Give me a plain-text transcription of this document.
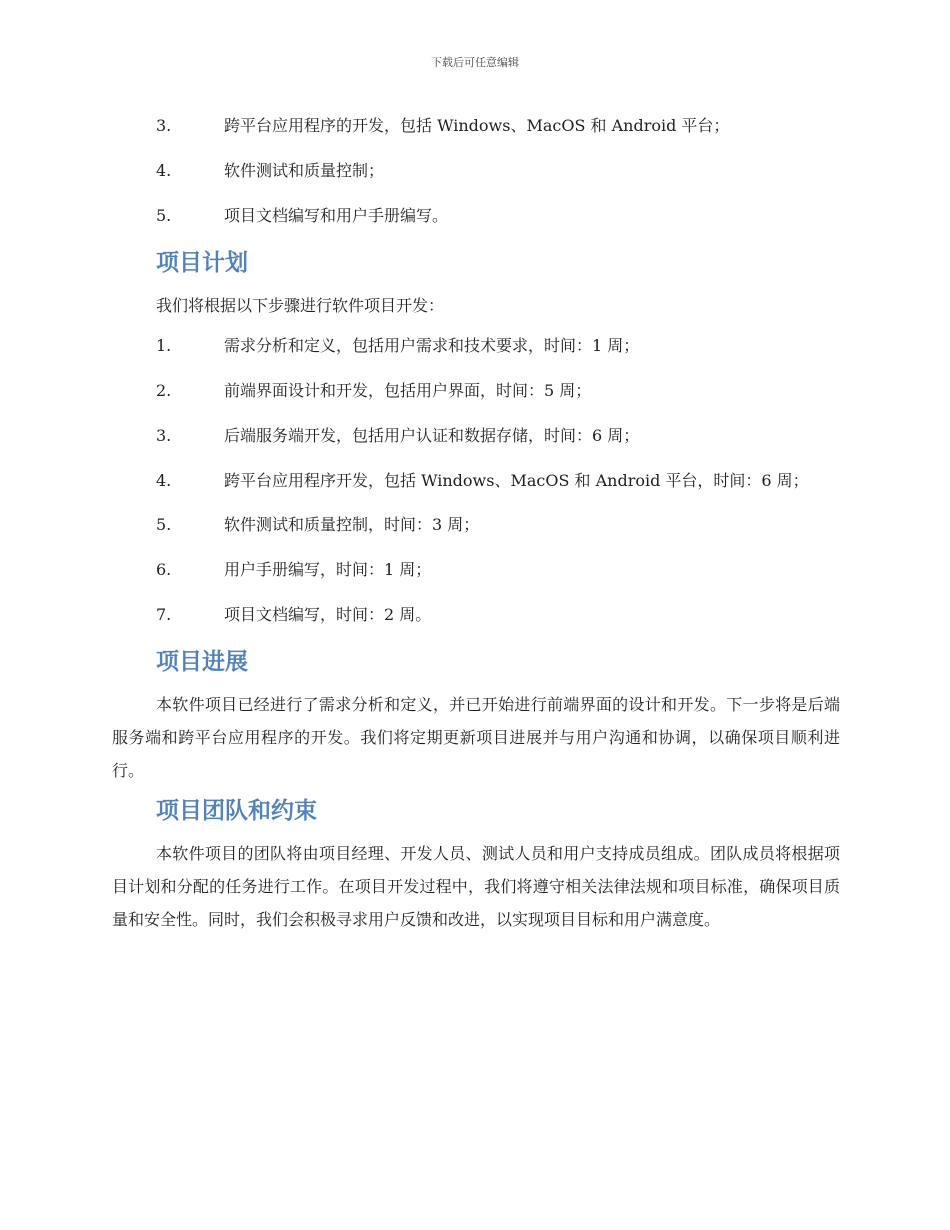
下载后可任意编辑
3.	跨平台应用程序的开发，包括 Windows、MacOS 和 Android 平台；
4.	软件测试和质量控制；
5.	项目文档编写和用户手册编写。
项目计划

我们将根据以下步骤进行软件项目开发：

1.	需求分析和定义，包括用户需求和技术要求，时间：1 周；
2.	前端界面设计和开发，包括用户界面，时间：5 周；
3.	后端服务端开发，包括用户认证和数据存储，时间：6 周；
4.	跨平台应用程序开发，包括 Windows、MacOS 和 Android 平台，时间：6 周；
5.	软件测试和质量控制，时间：3 周；
6.	用户手册编写，时间：1 周；
7.	项目文档编写，时间：2 周。
项目进展

本软件项目已经进行了需求分析和定义，并已开始进行前端界面的设计和开发。下一步将是后端服务端和跨平台应用程序的开发。我们将定期更新项目进展并与用户沟通和协调，以确保项目顺利进行。

项目团队和约束

本软件项目的团队将由项目经理、开发人员、测试人员和用户支持成员组成。团队成员将根据项目计划和分配的任务进行工作。在项目开发过程中，我们将遵守相关法律法规和项目标准，确保项目质量和安全性。同时，我们会积极寻求用户反馈和改进，以实现项目目标和用户满意度。
